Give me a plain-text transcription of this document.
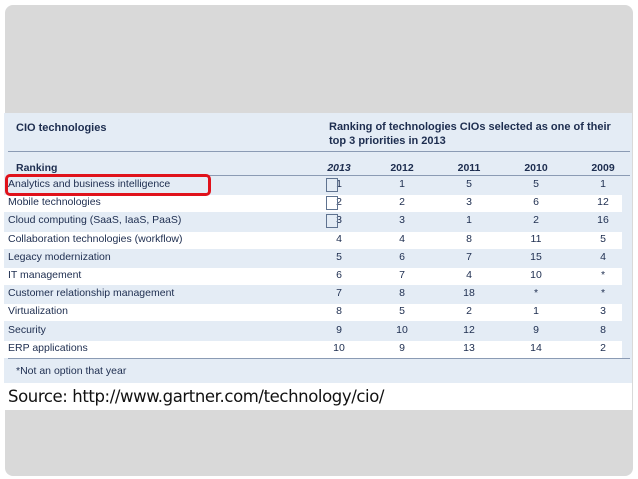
CIO technologies	Ranking of technologies CIOs selected as one of their top 3 priorities in 2013
Ranking	2013	2012	2011	2010	2009
Analytics and business intelligence	1	1	5	5	1
Mobile technologies	2	2	3	6	12
Cloud computing (SaaS, IaaS, PaaS)	3	3	1	2	16
Collaboration technologies (workflow)	4	4	8	11	5
Legacy modernization	5	6	7	15	4
IT management	6	7	4	10	*
Customer relationship management	7	8	18	*	*
Virtualization	8	5	2	1	3
Security	9	10	12	9	8
ERP applications	10	9	13	14	2
*Not an option that year
Source: http://www.gartner.com/technology/cio/
